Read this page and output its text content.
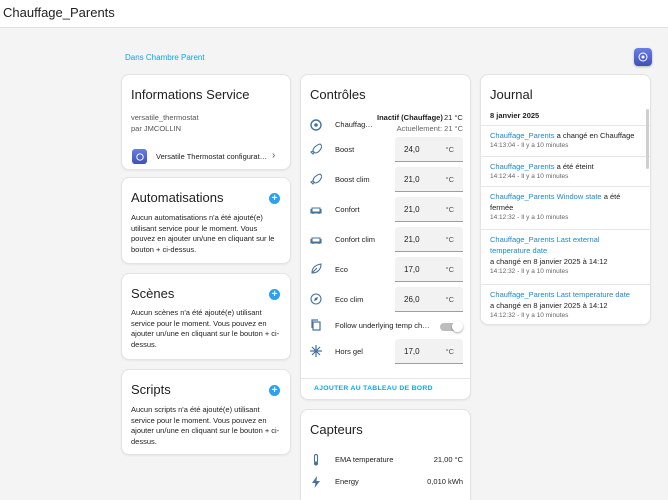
Chauffage_Parents
Dans Chambre Parent
Informations Service
versatile_thermostat
par JMCOLLIN
Versatile Thermostat configurat… ›
Automatisations	+
Aucun automatisations n'a été ajouté(e) utilisant service pour le moment. Vous pouvez en ajouter un/une en cliquant sur le bouton + ci-dessus.
Scènes	+
Aucun scènes n'a été ajouté(e) utilisant service pour le moment. Vous pouvez en ajouter un/une en cliquant sur le bouton + ci-dessus.
Scripts	+
Aucun scripts n'a été ajouté(e) utilisant service pour le moment. Vous pouvez en ajouter un/une en cliquant sur le bouton + ci-dessus.
Contrôles
Chauffag…
Inactif (Chauffage) 21 °C
Actuellement: 21 °C
Boost	24,0	°C
Boost clim	21,0	°C
Confort	21,0	°C
Confort clim	21,0	°C
Eco	17,0	°C
Eco clim	26,0	°C
Follow underlying temp ch…
Hors gel	17,0	°C
AJOUTER AU TABLEAU DE BORD
Capteurs
EMA temperature	21,00 °C
Energy	0,010 kWh
Journal
8 janvier 2025
Chauffage_Parents a changé en Chauffage
14:13:04 - Il y a 10 minutes
Chauffage_Parents a été éteint
14:12:44 - Il y a 10 minutes
Chauffage_Parents Window state a été fermée
14:12:32 - Il y a 10 minutes
Chauffage_Parents Last external temperature date
a changé en 8 janvier 2025 à 14:12
14:12:32 - Il y a 10 minutes
Chauffage_Parents Last temperature date
a changé en 8 janvier 2025 à 14:12
14:12:32 - Il y a 10 minutes
